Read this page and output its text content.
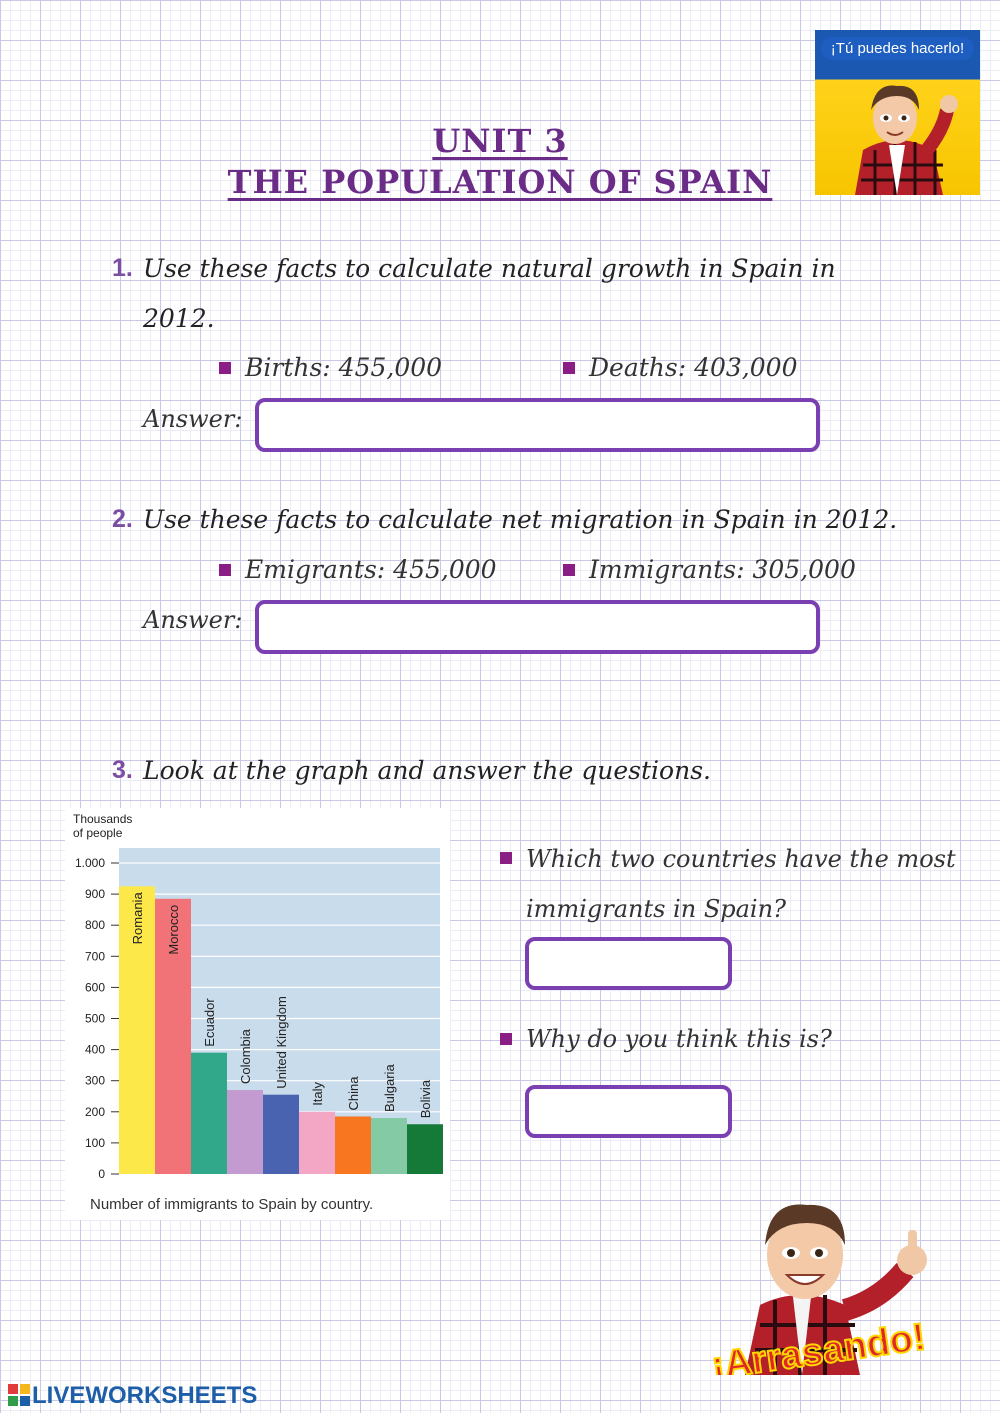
UNIT 3
THE POPULATION OF SPAIN
¡Tú puedes hacerlo!
1. Use these facts to calculate natural growth in Spain in
2012.
Births: 455,000	Deaths: 403,000
Answer:
2. Use these facts to calculate net migration in Spain in 2012.
Emigrants: 455,000	Immigrants: 305,000
Answer:
3. Look at the graph and answer the questions.
0
100
200
300
400
500
600
700
800
900
1.000
Romania Morocco
Ecuador
Colombia United Kingdom
Italy China Bulgaria Bolivia
Thousands
of people
Number of immigrants to Spain by country.
Which two countries have the most
immigrants in Spain?
Why do you think this is?
¡Arrasando!
LIVEWORKSHEETS
